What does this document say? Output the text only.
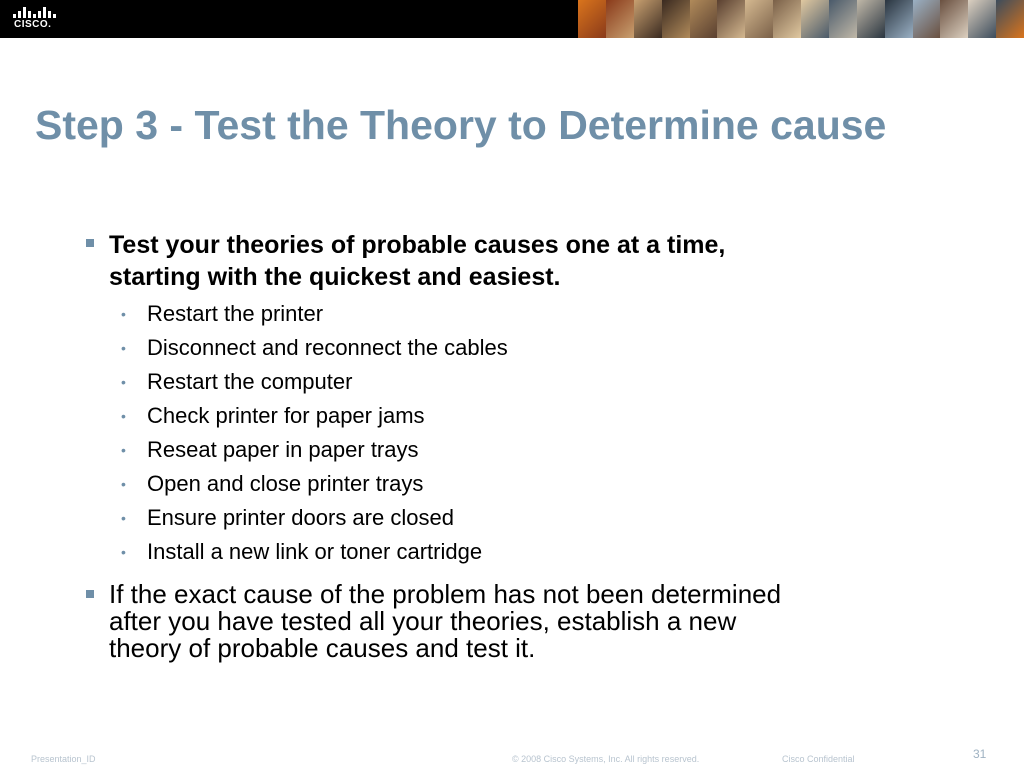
CISCO.
Step 3 - Test the Theory to Determine cause
Test your theories of probable causes one at a time,
starting with the quickest and easiest.
• Restart the printer
• Disconnect and reconnect the cables
• Restart the computer
• Check printer for paper jams
• Reseat paper in paper trays
• Open and close printer trays
• Ensure printer doors are closed
• Install a new link or toner cartridge
If the exact cause of the problem has not been determined
after you have tested all your theories, establish a new
theory of probable causes and test it.
Presentation_ID	© 2008 Cisco Systems, Inc. All rights reserved.	Cisco Confidential	31
